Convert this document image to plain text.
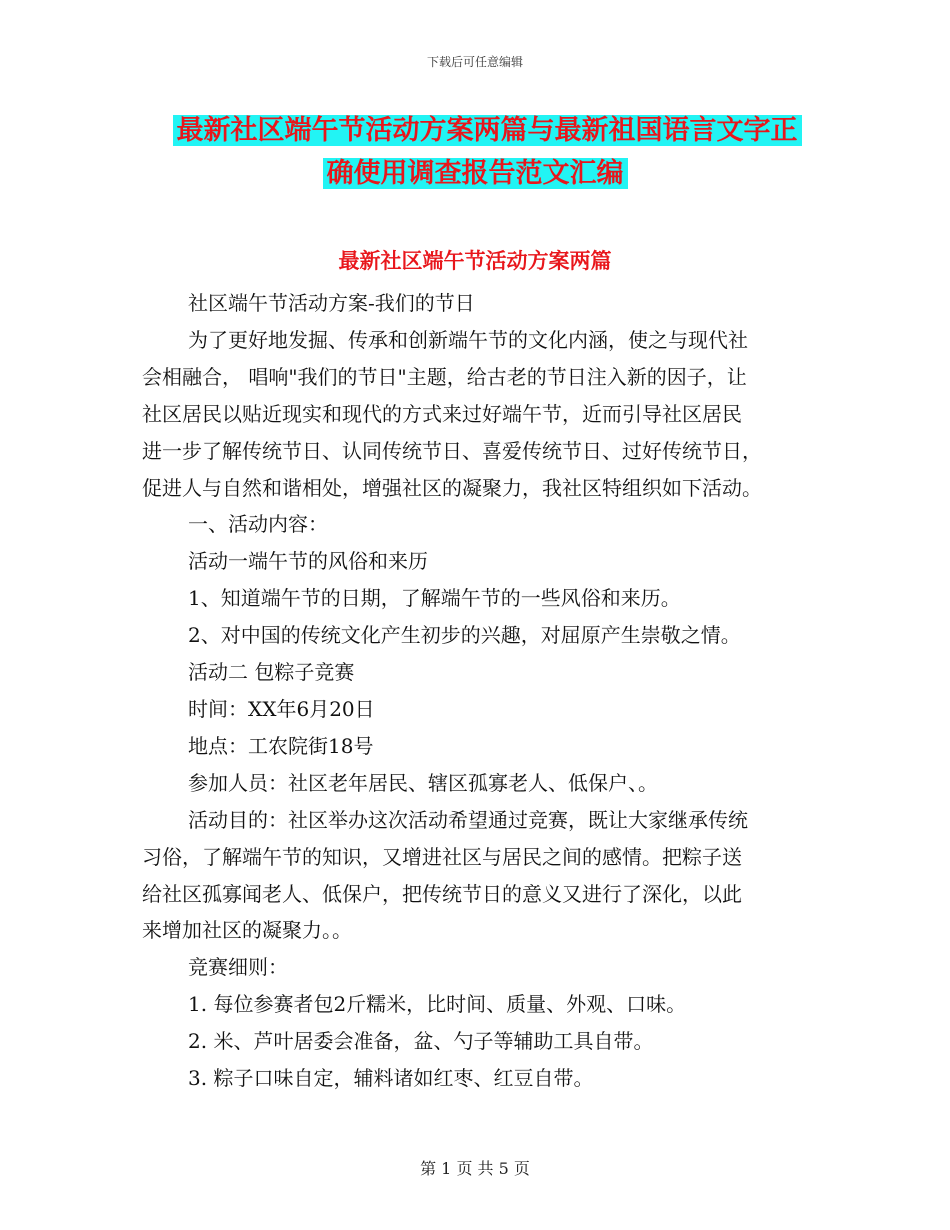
下载后可任意编辑
最新社区端午节活动方案两篇与最新祖国语言文字正
确使用调查报告范文汇编
最新社区端午节活动方案两篇

社区端午节活动方案-我们的节日

为了更好地发掘、传承和创新端午节的文化内涵，使之与现代社

会相融合， 唱响"我们的节日"主题，给古老的节日注入新的因子，让

社区居民以贴近现实和现代的方式来过好端午节，近而引导社区居民

进一步了解传统节日、认同传统节日、喜爱传统节日、过好传统节日，

促进人与自然和谐相处，增强社区的凝聚力，我社区特组织如下活动。

一、活动内容：

活动一端午节的风俗和来历

1、知道端午节的日期，了解端午节的一些风俗和来历。

2、对中国的传统文化产生初步的兴趣，对屈原产生崇敬之情。

活动二 包粽子竞赛

时间：XX年6月20日

地点：工农院街18号

参加人员：社区老年居民、辖区孤寡老人、低保户、。

活动目的：社区举办这次活动希望通过竞赛，既让大家继承传统

习俗，了解端午节的知识，又增进社区与居民之间的感情。把粽子送

给社区孤寡闻老人、低保户，把传统节日的意义又进行了深化，以此

来增加社区的凝聚力。。

竞赛细则：

1. 每位参赛者包2斤糯米，比时间、质量、外观、口味。

2. 米、芦叶居委会准备，盆、勺子等辅助工具自带。

3. 粽子口味自定，辅料诸如红枣、红豆自带。

第 1 页 共 5 页
